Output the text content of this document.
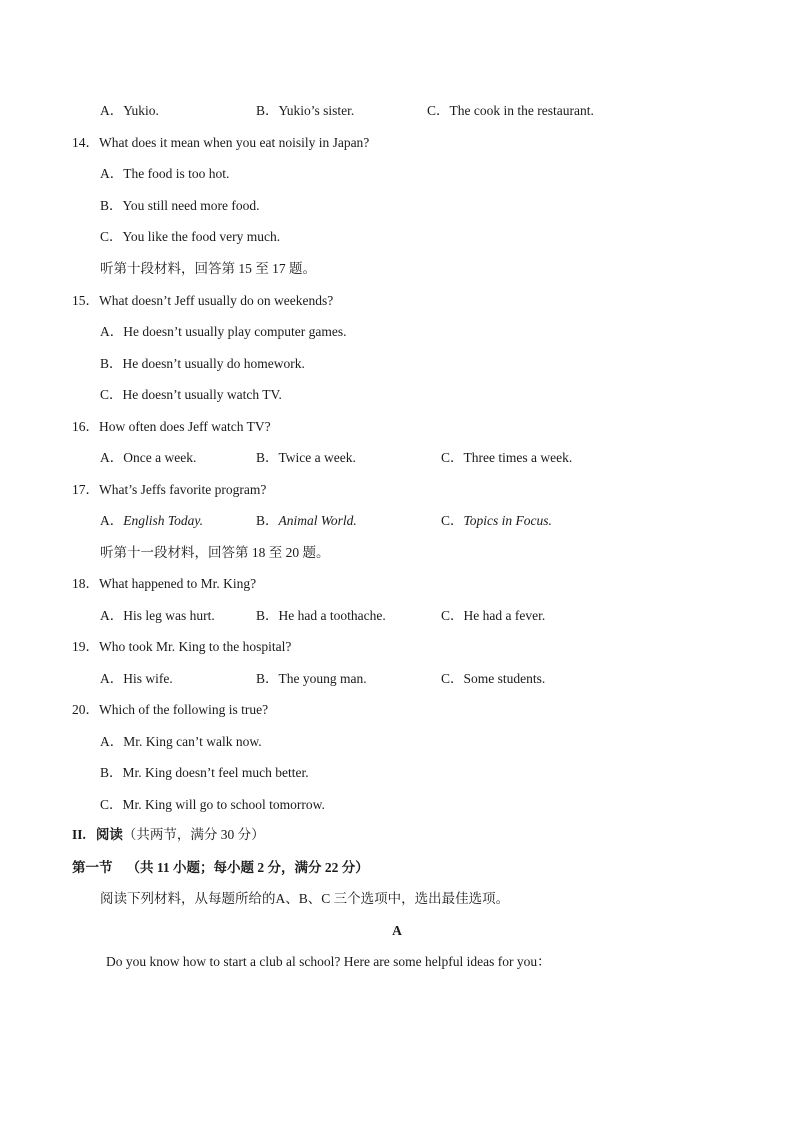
A．Yukio.	B．Yukio’s sister.	C．The cook in the restaurant.
14．What does it mean when you eat noisily in Japan?
A．The food is too hot.
B．You still need more food.
C．You like the food very much.
听第十段材料，回答第 15 至 17 题。
15．What doesn’t Jeff usually do on weekends?
A．He doesn’t usually play computer games.
B．He doesn’t usually do homework.
C．He doesn’t usually watch TV.
16．How often does Jeff watch TV?
A．Once a week.	B．Twice a week.	C．Three times a week.
17．What’s Jeffs favorite program?
A．English Today.	B．Animal World.	C．Topics in Focus.
听第十一段材料，回答第 18 至 20 题。
18．What happened to Mr. King?
A．His leg was hurt.	B．He had a toothache.	C．He had a fever.
19．Who took Mr. King to the hospital?
A．His wife.	B．The young man.	C．Some students.
20．Which of the following is true?
A．Mr. King can’t walk now.
B．Mr. King doesn’t feel much better.
C．Mr. King will go to school tomorrow.
II. 阅读（共两节，满分 30 分）
第一节 （共 11 小题；每小题 2 分，满分 22 分）
阅读下列材料，从每题所给的A、B、C 三个选项中，选出最佳选项。
A
Do you know how to start a club al school? Here are some helpful ideas for you：
